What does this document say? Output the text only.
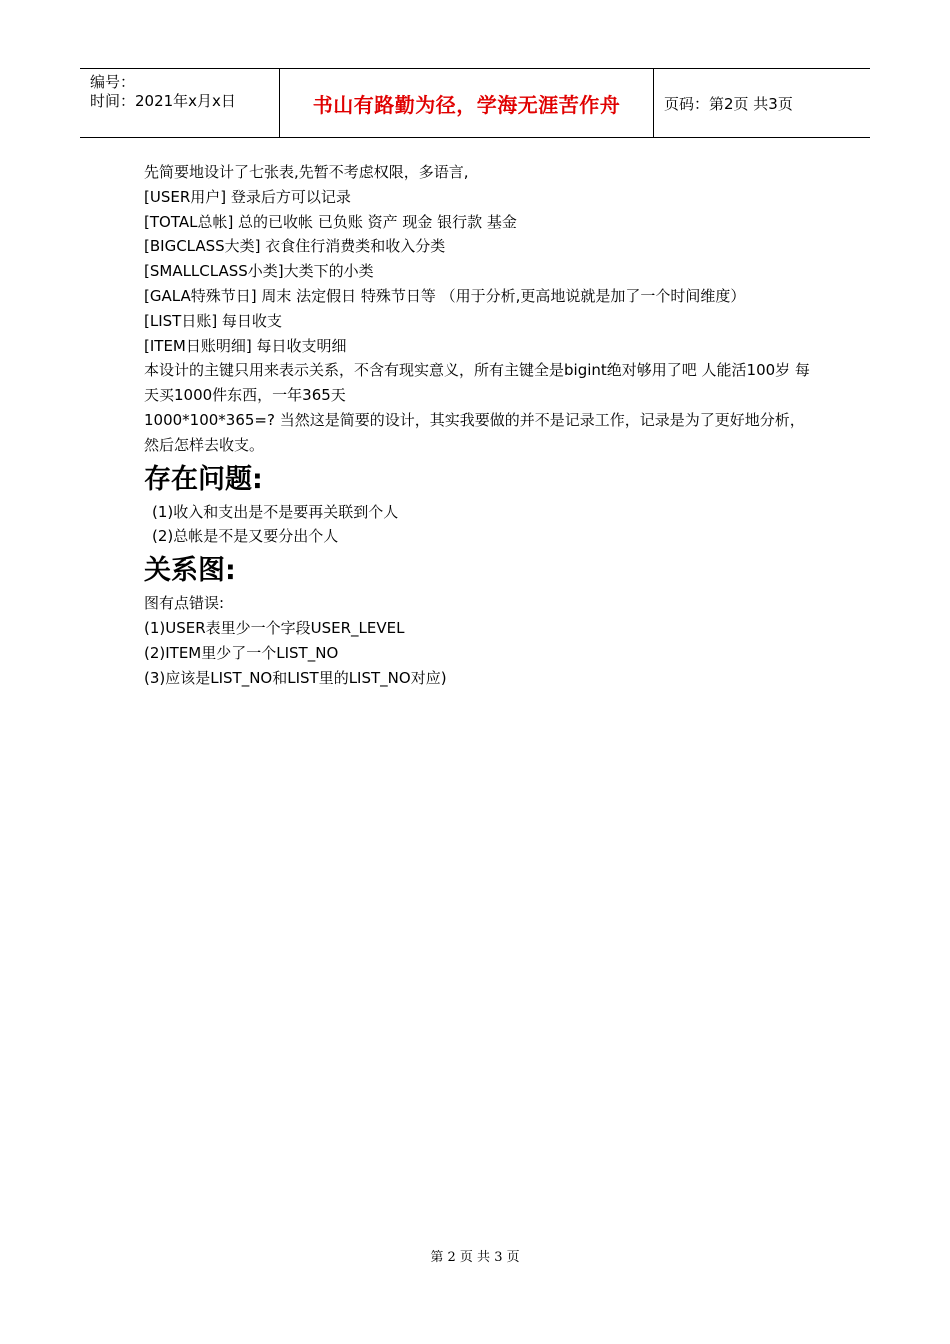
编号：
时间：2021年x月x日	书山有路勤为径，学海无涯苦作舟	页码：第2页 共3页

先简要地设计了七张表,先暂不考虑权限，多语言,

[USER用户] 登录后方可以记录

[TOTAL总帐] 总的已收帐 已负账 资产 现金 银行款 基金

[BIGCLASS大类] 衣食住行消费类和收入分类

[SMALLCLASS小类]大类下的小类

[GALA特殊节日] 周末 法定假日 特殊节日等 （用于分析,更高地说就是加了一个时间维度）

[LIST日账] 每日收支

[ITEM日账明细] 每日收支明细

本设计的主键只用来表示关系，不含有现实意义，所有主键全是bigint绝对够用了吧 人能活100岁 每天买1000件东西，一年365天

1000*100*365=? 当然这是简要的设计，其实我要做的并不是记录工作，记录是为了更好地分析，然后怎样去收支。

存在问题:

(1)收入和支出是不是要再关联到个人

(2)总帐是不是又要分出个人

关系图:

图有点错误:

(1)USER表里少一个字段USER_LEVEL

(2)ITEM里少了一个LIST_NO

(3)应该是LIST_NO和LIST里的LIST_NO对应)

第 2 页 共 3 页
